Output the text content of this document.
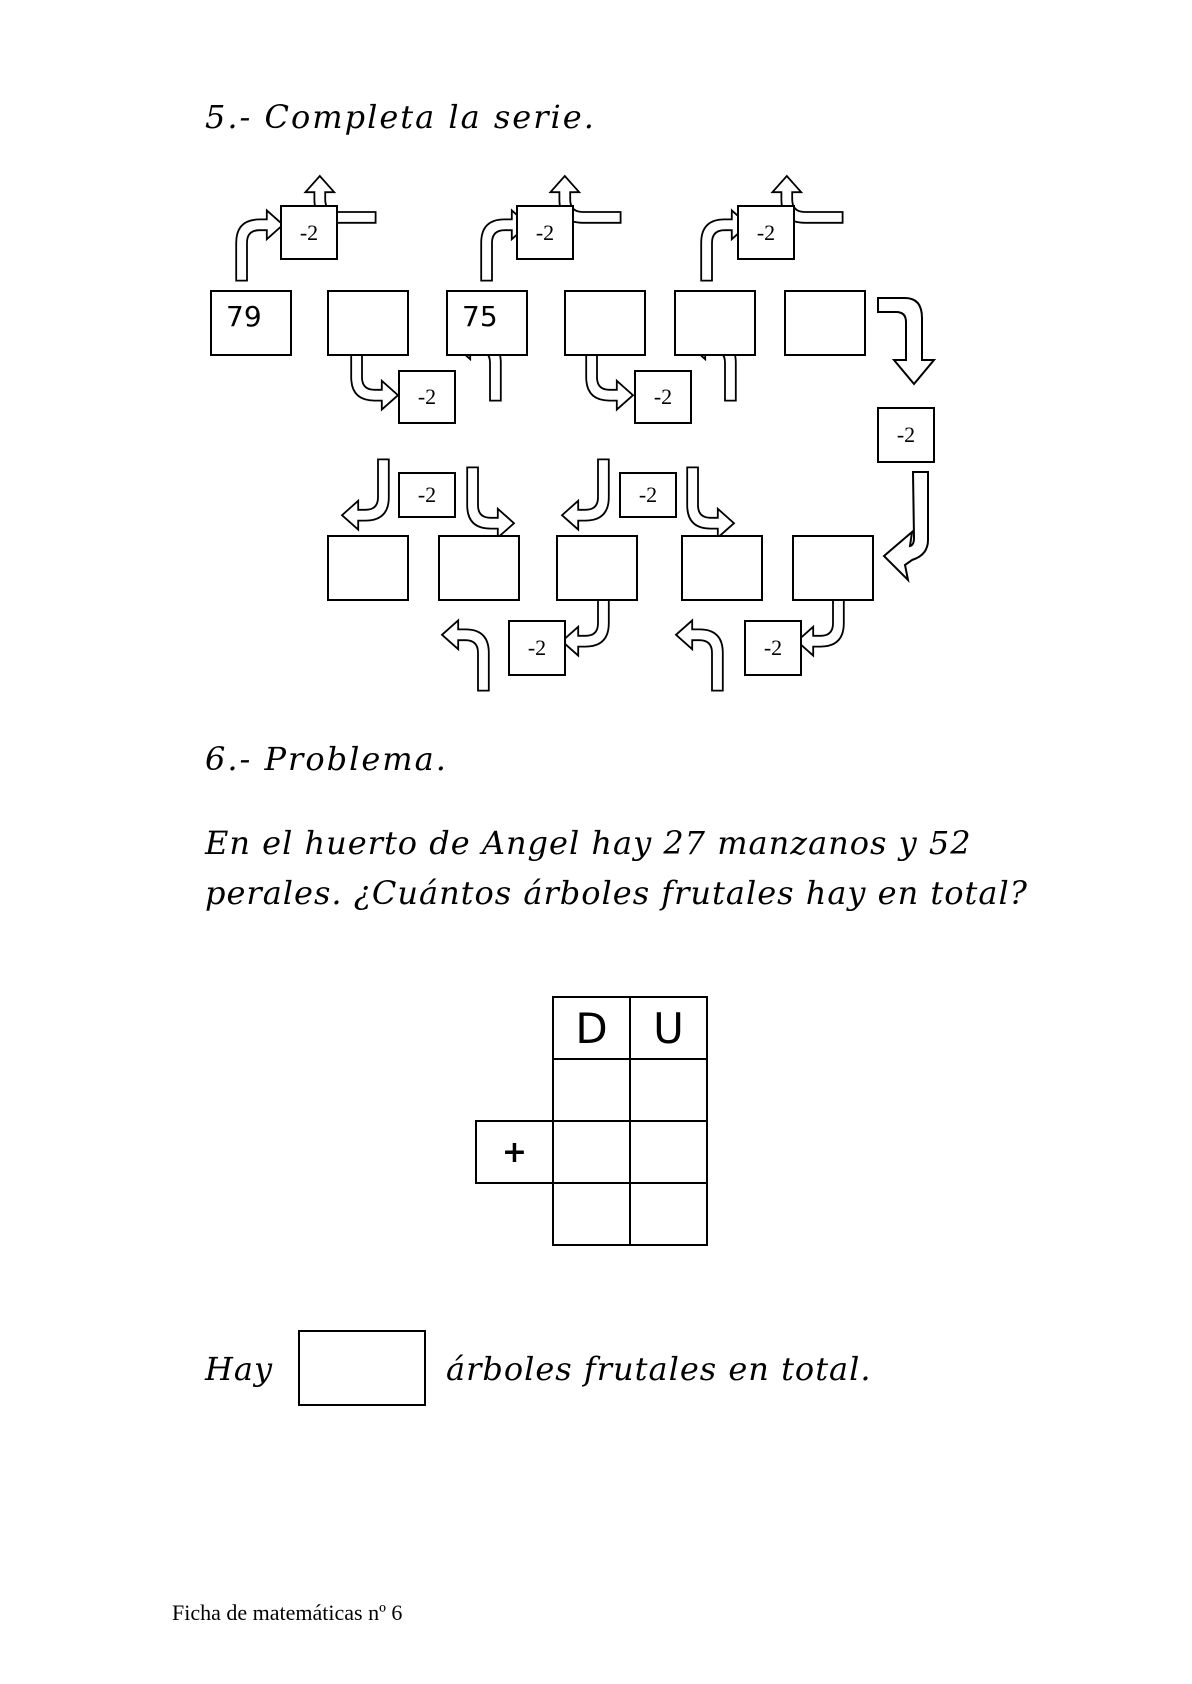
5.- Completa la serie.
79	75
-2	-2	-2
-2	-2
-2
-2	-2
-2	-2
6.- Problema.
En el huerto de Angel hay 27 manzanos y 52
perales. ¿Cuántos árboles frutales hay en total?
D	U
+
Hay	árboles frutales en total.
Ficha de matemáticas nº 6
